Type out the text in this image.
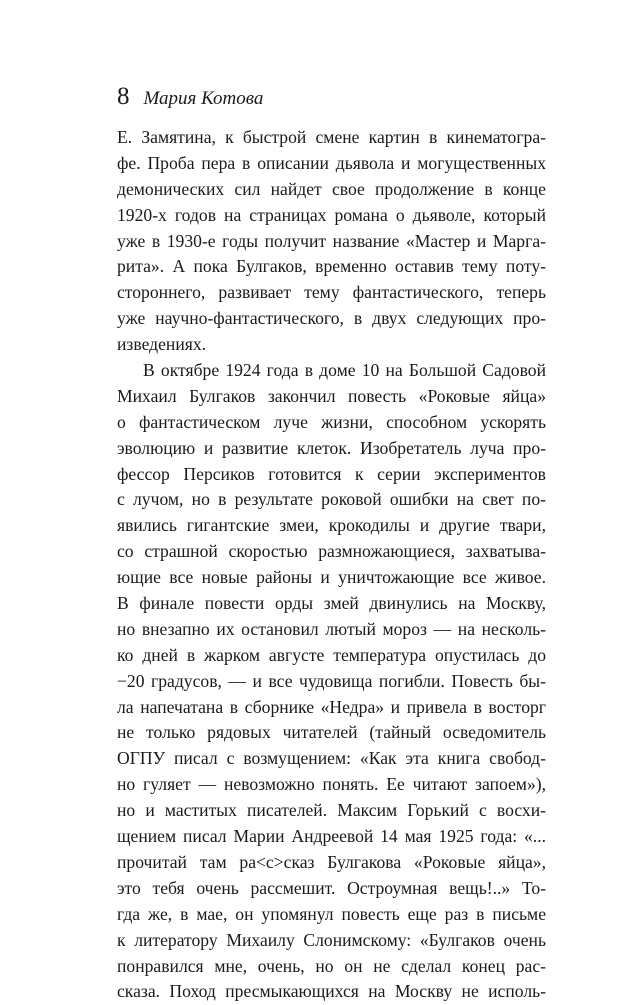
8 Мария Котова
Е. Замятина, к быстрой смене картин в кинематогра-
фе. Проба пера в описании дьявола и могущественных
демонических сил найдет свое продолжение в конце
1920-х годов на страницах романа о дьяволе, который
уже в 1930-е годы получит название «Мастер и Марга-
рита». А пока Булгаков, временно оставив тему поту-
стороннего, развивает тему фантастического, теперь
уже научно-фантастического, в двух следующих про-
изведениях.
В октябре 1924 года в доме 10 на Большой Садовой
Михаил Булгаков закончил повесть «Роковые яйца»
о фантастическом луче жизни, способном ускорять
эволюцию и развитие клеток. Изобретатель луча про-
фессор Персиков готовится к серии экспериментов
с лучом, но в результате роковой ошибки на свет по-
явились гигантские змеи, крокодилы и другие твари,
со страшной скоростью размножающиеся, захватыва-
ющие все новые районы и уничтожающие все живое.
В финале повести орды змей двинулись на Москву,
но внезапно их остановил лютый мороз — на несколь-
ко дней в жарком августе температура опустилась до
−20 градусов, — и все чудовища погибли. Повесть бы-
ла напечатана в сборнике «Недра» и привела в восторг
не только рядовых читателей (тайный осведомитель
ОГПУ писал с возмущением: «Как эта книга свобод-
но гуляет — невозможно понять. Ее читают запоем»),
но и маститых писателей. Максим Горький с восхи-
щением писал Марии Андреевой 14 мая 1925 года: «...
прочитай там ра<с>сказ Булгакова «Роковые яйца»,
это тебя очень рассмешит. Остроумная вещь!..» То-
гда же, в мае, он упомянул повесть еще раз в письме
к литератору Михаилу Слонимскому: «Булгаков очень
понравился мне, очень, но он не сделал конец рас-
сказа. Поход пресмыкающихся на Москву не исполь-
